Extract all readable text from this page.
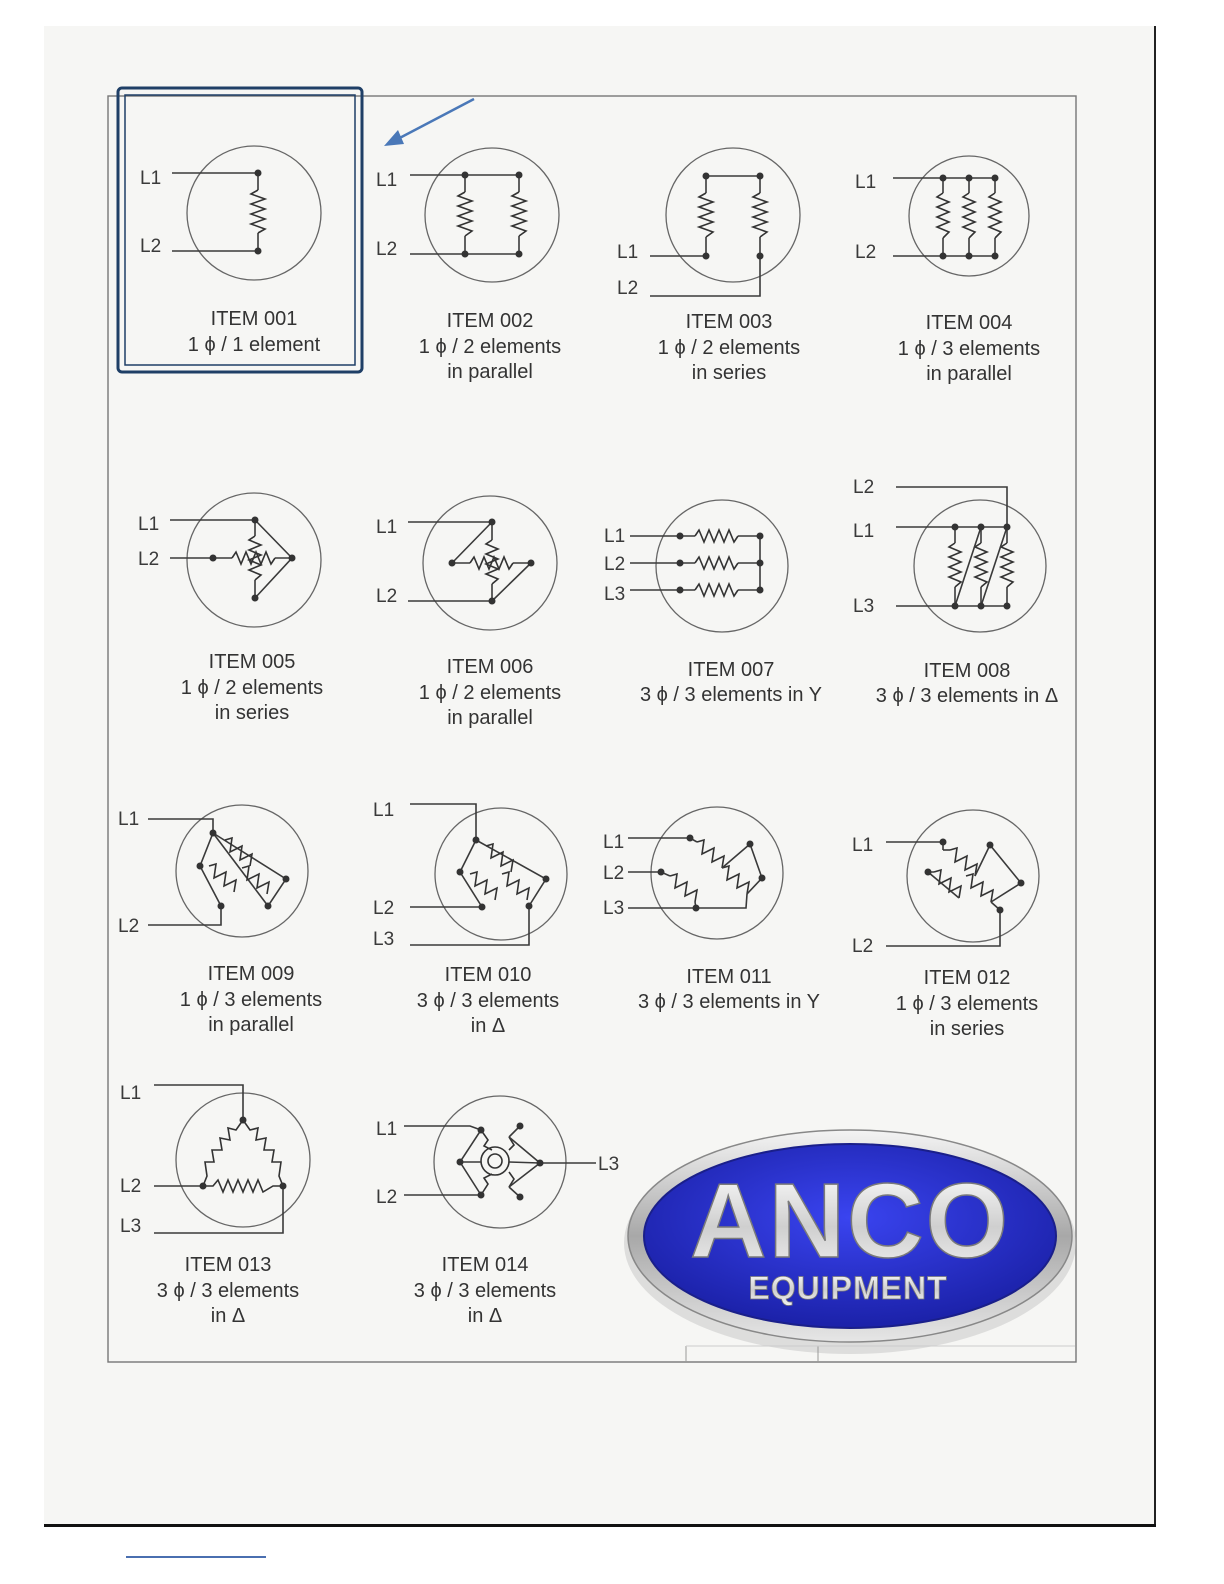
L1
L2
ITEM 001
1 ϕ / 1 element
L1
L2
ITEM 002
1 ϕ / 2 elements
in parallel
L1
L2
ITEM 003
1 ϕ / 2 elements
in series
L1
L2
ITEM 004
1 ϕ / 3 elements
in parallel
L1
L2
ITEM 005
1 ϕ / 2 elements
in series
L1
L2
ITEM 006
1 ϕ / 2 elements
in parallel
L1
L2
L3
ITEM 007
3 ϕ / 3 elements in Y
L2
L1
L3
ITEM 008
3 ϕ / 3 elements in Δ
L1
L2
ITEM 009
1 ϕ / 3 elements
in parallel
L1
L2
L3
ITEM 010
3 ϕ / 3 elements
in Δ
L1
L2
L3
ITEM 011
3 ϕ / 3 elements in Y
L1
L2
ITEM 012
1 ϕ / 3 elements
in series
L1
L2
L3
ITEM 013
3 ϕ / 3 elements
in Δ
L1
L2
L3
ITEM 014
3 ϕ / 3 elements
in Δ
ANCO
EQUIPMENT
